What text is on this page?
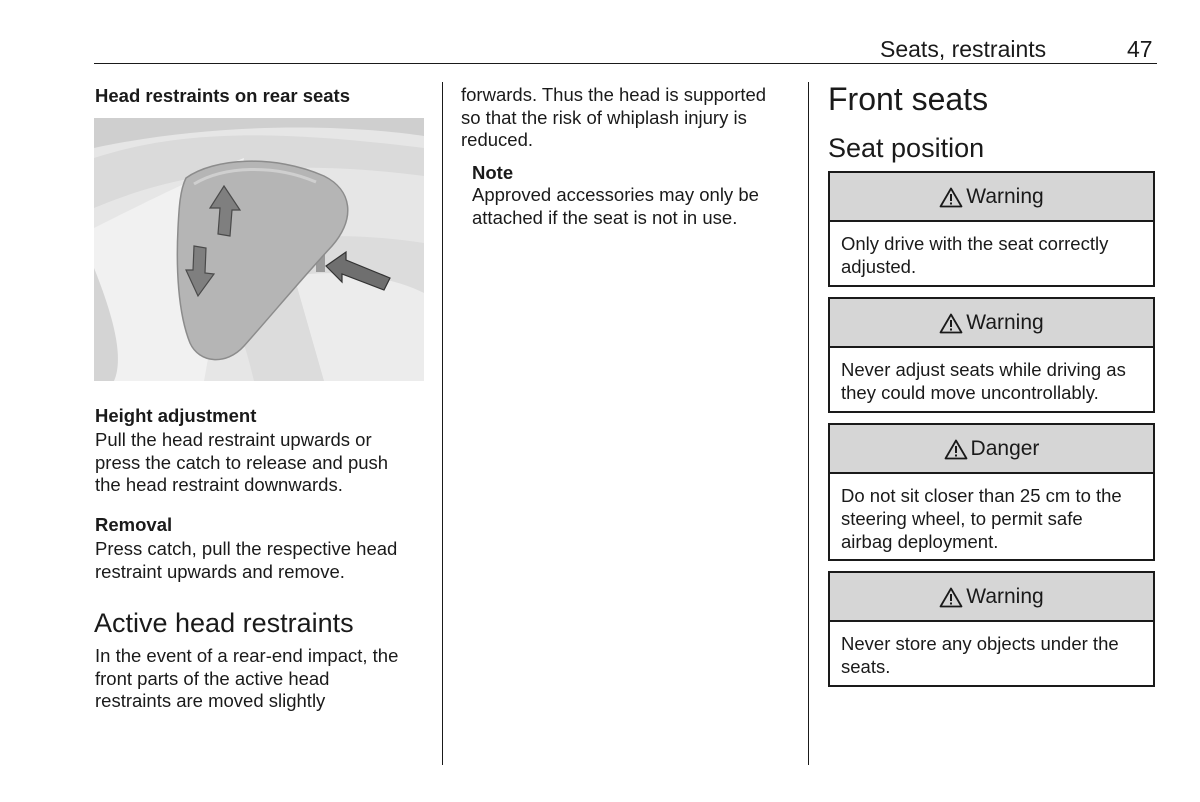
Seats, restraints	47
Head restraints on rear seats
Height adjustment
Pull the head restraint upwards or
press the catch to release and push
the head restraint downwards.
Removal
Press catch, pull the respective head
restraint upwards and remove.
Active head restraints
In the event of a rear-end impact, the
front parts of the active head
restraints are moved slightly
forwards. Thus the head is supported
so that the risk of whiplash injury is
reduced.
Note
Approved accessories may only be
attached if the seat is not in use.
Front seats
Seat position
Warning
Only drive with the seat correctly
adjusted.
Warning
Never adjust seats while driving as
they could move uncontrollably.
Danger
Do not sit closer than 25 cm to the
steering wheel, to permit safe
airbag deployment.
Warning
Never store any objects under the
seats.
